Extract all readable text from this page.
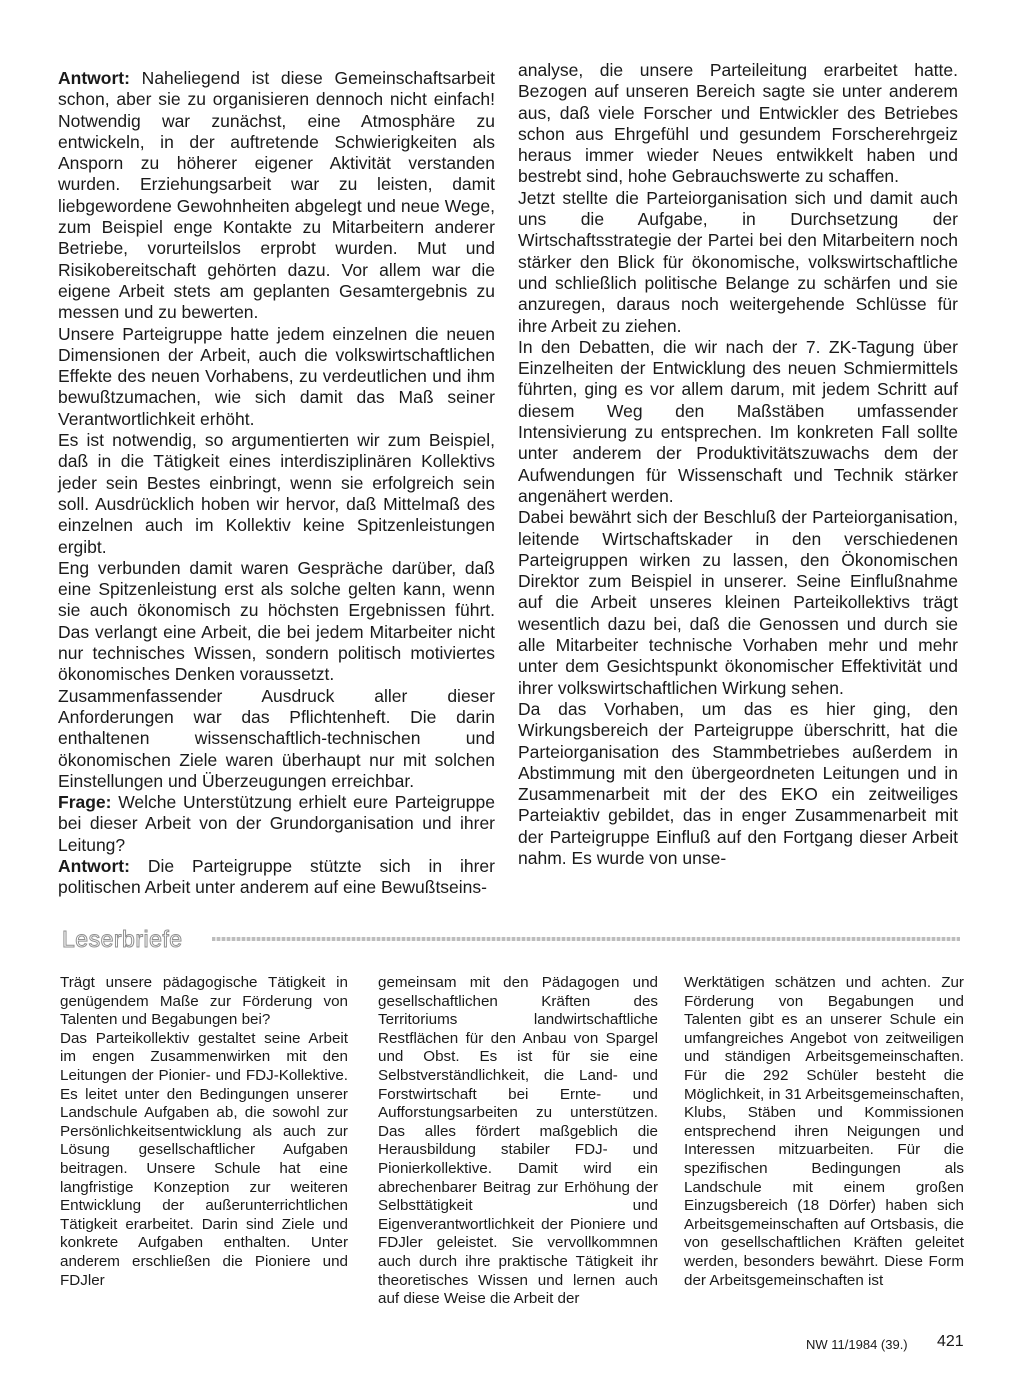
Antwort: Naheliegend ist diese Gemeinschaftsarbeit schon, aber sie zu organisieren dennoch nicht einfach! Notwendig war zunächst, eine Atmosphäre zu entwickeln, in der auftretende Schwierigkeiten als Ansporn zu höherer eigener Aktivität verstanden wurden. Erziehungsarbeit war zu leisten, damit liebgewordene Gewohnheiten abgelegt und neue Wege, zum Beispiel enge Kontakte zu Mitarbeitern anderer Betriebe, vorurteilslos erprobt wurden. Mut und Risikobereitschaft gehörten dazu. Vor allem war die eigene Arbeit stets am geplanten Gesamtergebnis zu messen und zu bewerten.

Unsere Parteigruppe hatte jedem einzelnen die neuen Dimensionen der Arbeit, auch die volkswirtschaftlichen Effekte des neuen Vorhabens, zu verdeutlichen und ihm bewußtzumachen, wie sich damit das Maß seiner Verantwortlichkeit erhöht.

Es ist notwendig, so argumentierten wir zum Beispiel, daß in die Tätigkeit eines interdisziplinären Kollektivs jeder sein Bestes einbringt, wenn sie erfolgreich sein soll. Ausdrücklich hoben wir hervor, daß Mittelmaß des einzelnen auch im Kollektiv keine Spitzenleistungen ergibt.

Eng verbunden damit waren Gespräche darüber, daß eine Spitzenleistung erst als solche gelten kann, wenn sie auch ökonomisch zu höchsten Ergebnissen führt. Das verlangt eine Arbeit, die bei jedem Mitarbeiter nicht nur technisches Wissen, sondern politisch motiviertes ökonomisches Denken voraussetzt.

Zusammenfassender Ausdruck aller dieser Anforderungen war das Pflichtenheft. Die darin enthaltenen wissenschaftlich-technischen und ökonomischen Ziele waren überhaupt nur mit solchen Einstellungen und Überzeugungen erreichbar.

Frage: Welche Unterstützung erhielt eure Parteigruppe bei dieser Arbeit von der Grundorganisation und ihrer Leitung?

Antwort: Die Parteigruppe stützte sich in ihrer politischen Arbeit unter anderem auf eine Bewußtseins-

analyse, die unsere Parteileitung erarbeitet hatte. Bezogen auf unseren Bereich sagte sie unter anderem aus, daß viele Forscher und Entwickler des Betriebes schon aus Ehrgefühl und gesundem Forscherehrgeiz heraus immer wieder Neues entwikkelt haben und bestrebt sind, hohe Gebrauchswerte zu schaffen.

Jetzt stellte die Parteiorganisation sich und damit auch uns die Aufgabe, in Durchsetzung der Wirtschaftsstrategie der Partei bei den Mitarbeitern noch stärker den Blick für ökonomische, volkswirtschaftliche und schließlich politische Belange zu schärfen und sie anzuregen, daraus noch weitergehende Schlüsse für ihre Arbeit zu ziehen.

In den Debatten, die wir nach der 7. ZK-Tagung über Einzelheiten der Entwicklung des neuen Schmiermittels führten, ging es vor allem darum, mit jedem Schritt auf diesem Weg den Maßstäben umfassender Intensivierung zu entsprechen. Im konkreten Fall sollte unter anderem der Produktivitätszuwachs dem der Aufwendungen für Wissenschaft und Technik stärker angenähert werden.

Dabei bewährt sich der Beschluß der Parteiorganisation, leitende Wirtschaftskader in den verschiedenen Parteigruppen wirken zu lassen, den Ökonomischen Direktor zum Beispiel in unserer. Seine Einflußnahme auf die Arbeit unseres kleinen Parteikollektivs trägt wesentlich dazu bei, daß die Genossen und durch sie alle Mitarbeiter technische Vorhaben mehr und mehr unter dem Gesichtspunkt ökonomischer Effektivität und ihrer volkswirtschaftlichen Wirkung sehen.

Da das Vorhaben, um das es hier ging, den Wirkungsbereich der Parteigruppe überschritt, hat die Parteiorganisation des Stammbetriebes außerdem in Abstimmung mit den übergeordneten Leitungen und in Zusammenarbeit mit der des EKO ein zeitweiliges Parteiaktiv gebildet, das in enger Zusammenarbeit mit der Parteigruppe Einfluß auf den Fortgang dieser Arbeit nahm. Es wurde von unse-

Leserbriefe

Trägt unsere pädagogische Tätigkeit in genügendem Maße zur Förderung von Talenten und Begabungen bei?

Das Parteikollektiv gestaltet seine Arbeit im engen Zusammenwirken mit den Leitungen der Pionier- und FDJ-Kollektive. Es leitet unter den Bedingungen unserer Landschule Aufgaben ab, die sowohl zur Persönlichkeitsentwicklung als auch zur Lösung gesellschaftlicher Aufgaben beitragen. Unsere Schule hat eine langfristige Konzeption zur weiteren Entwicklung der außerunterrichtlichen Tätigkeit erarbeitet. Darin sind Ziele und konkrete Aufgaben enthalten. Unter anderem erschließen die Pioniere und FDJler

gemeinsam mit den Pädagogen und gesellschaftlichen Kräften des Territoriums landwirtschaftliche Restflächen für den Anbau von Spargel und Obst. Es ist für sie eine Selbstverständlichkeit, die Land- und Forstwirtschaft bei Ernte- und Aufforstungsarbeiten zu unterstützen. Das alles fördert maßgeblich die Herausbildung stabiler FDJ- und Pionierkollektive. Damit wird ein abrechenbarer Beitrag zur Erhöhung der Selbsttätigkeit und Eigenverantwortlichkeit der Pioniere und FDJler geleistet. Sie vervollkommnen auch durch ihre praktische Tätigkeit ihr theoretisches Wissen und lernen auch auf diese Weise die Arbeit der

Werktätigen schätzen und achten. Zur Förderung von Begabungen und Talenten gibt es an unserer Schule ein umfangreiches Angebot von zeitweiligen und ständigen Arbeitsgemeinschaften. Für die 292 Schüler besteht die Möglichkeit, in 31 Arbeitsgemeinschaften, Klubs, Stäben und Kommissionen entsprechend ihren Neigungen und Interessen mitzuarbeiten. Für die spezifischen Bedingungen als Landschule mit einem großen Einzugsbereich (18 Dörfer) haben sich Arbeitsgemeinschaften auf Ortsbasis, die von gesellschaftlichen Kräften geleitet werden, besonders bewährt. Diese Form der Arbeitsgemeinschaften ist

NW 11/1984 (39.) 421
